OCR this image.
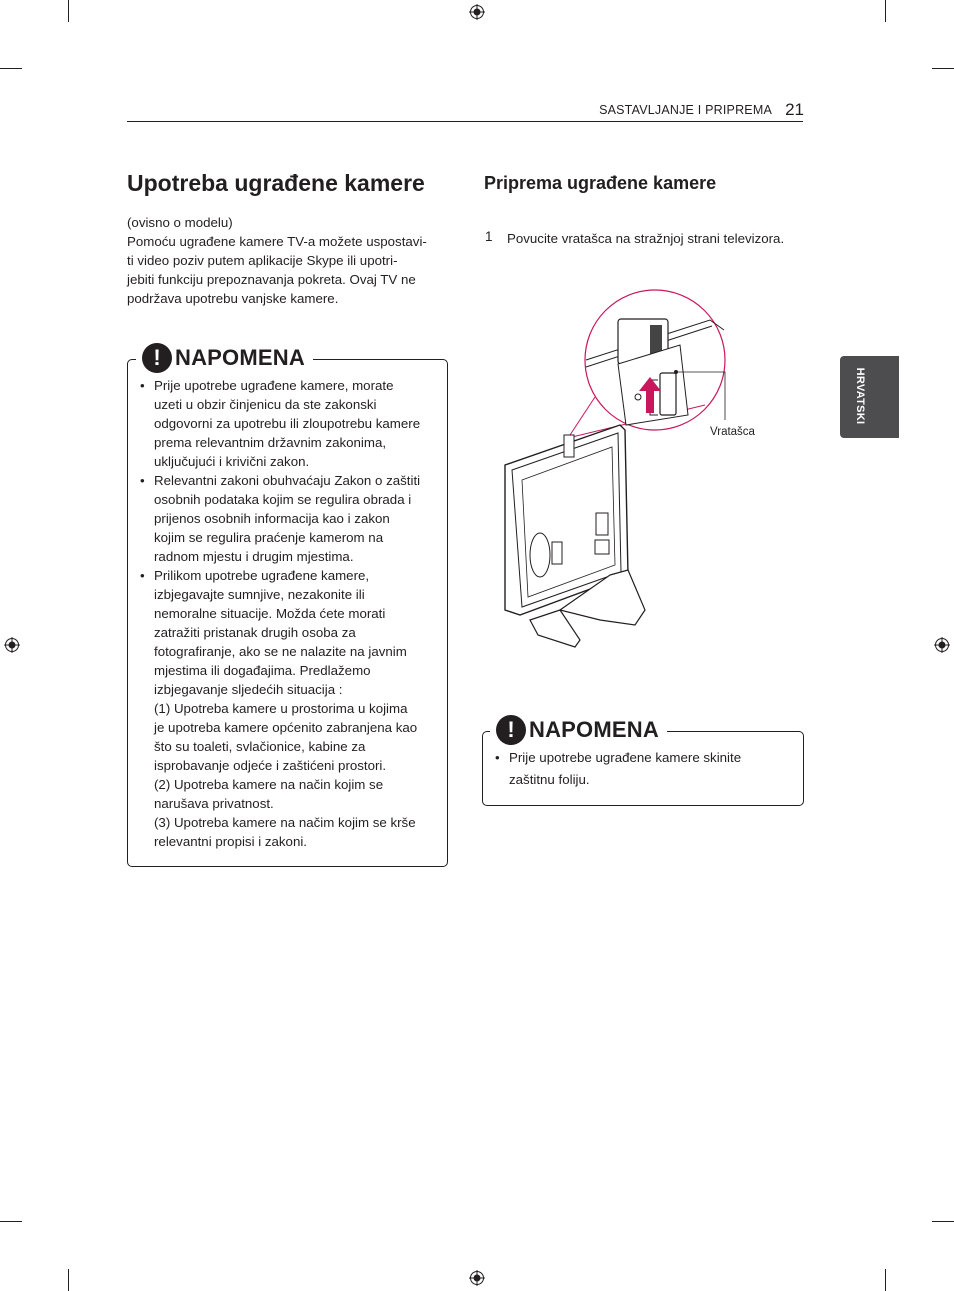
SASTAVLJANJE I PRIPREMA 21
HRVATSKI
Upotreba ugrađene kamere

(ovisno o modelu)

Pomoću ugrađene kamere TV-a možete uspostavi-

ti video poziv putem aplikacije Skype ili upotri-

jebiti funkciju prepoznavanja pokreta. Ovaj TV ne

podržava upotrebu vanjske kamere.

! NAPOMENA
• Prije upotrebe ugrađene kamere, morate
uzeti u obzir činjenicu da ste zakonski
odgovorni za upotrebu ili zloupotrebu kamere
prema relevantnim državnim zakonima,
uključujući i krivični zakon.
• Relevantni zakoni obuhvaćaju Zakon o zaštiti
osobnih podataka kojim se regulira obrada i
prijenos osobnih informacija kao i zakon
kojim se regulira praćenje kamerom na
radnom mjestu i drugim mjestima.
• Prilikom upotrebe ugrađene kamere,
izbjegavajte sumnjive, nezakonite ili
nemoralne situacije. Možda ćete morati
zatražiti pristanak drugih osoba za
fotografiranje, ako se ne nalazite na javnim
mjestima ili događajima. Predlažemo
izbjegavanje sljedećih situacija :
(1) Upotreba kamere u prostorima u kojima
je upotreba kamere općenito zabranjena kao
što su toaleti, svlačionice, kabine za
isprobavanje odjeće i zaštićeni prostori.
(2) Upotreba kamere na način kojim se
narušava privatnost.
(3) Upotreba kamere na načim kojim se krše
relevantni propisi i zakoni.
Priprema ugrađene kamere
1 Povucite vratašca na stražnjoj strani televizora.
Vratašca
! NAPOMENA
• Prije upotrebe ugrađene kamere skinite
zaštitnu foliju.
